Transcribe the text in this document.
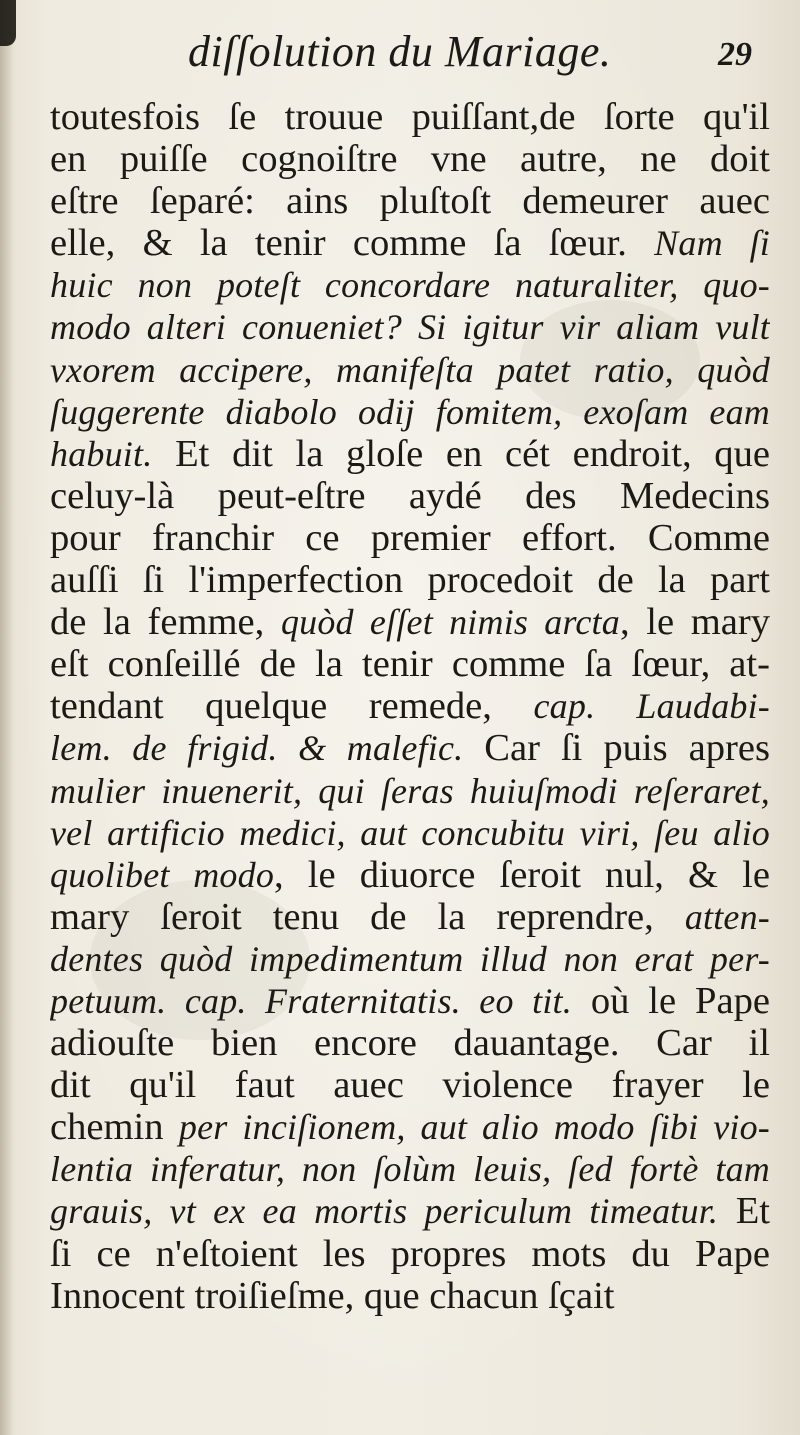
diſſolution du Mariage.	29
toutesfois ſe trouue puiſſant,de ſorte qu'il
en puiſſe cognoiſtre vne autre, ne doit
eſtre ſeparé: ains pluſtoſt demeurer auec
elle, & la tenir comme ſa ſœur. Nam ſi
huic non poteſt concordare naturaliter, quo-
modo alteri conueniet? Si igitur vir aliam vult
vxorem accipere, manifeſta patet ratio, quòd
ſuggerente diabolo odij fomitem, exoſam eam
habuit. Et dit la gloſe en cét endroit, que
celuy-là peut-eſtre aydé des Medecins
pour franchir ce premier effort. Comme
auſſi ſi l'imperfection procedoit de la part
de la femme, quòd eſſet nimis arcta, le mary
eſt conſeillé de la tenir comme ſa ſœur, at-
tendant quelque remede, cap. Laudabi-
lem. de frigid. & malefic. Car ſi puis apres
mulier inuenerit, qui ſeras huiuſmodi reſeraret,
vel artificio medici, aut concubitu viri, ſeu alio
quolibet modo, le diuorce ſeroit nul, & le
mary ſeroit tenu de la reprendre, atten-
dentes quòd impedimentum illud non erat per-
petuum. cap. Fraternitatis. eo tit. où le Pape
adiouſte bien encore dauantage. Car il
dit qu'il faut auec violence frayer le
chemin per inciſionem, aut alio modo ſibi vio-
lentia inferatur, non ſolùm leuis, ſed fortè tam
grauis, vt ex ea mortis periculum timeatur. Et
ſi ce n'eſtoient les propres mots du Pape
Innocent troiſieſme, que chacun ſçait
